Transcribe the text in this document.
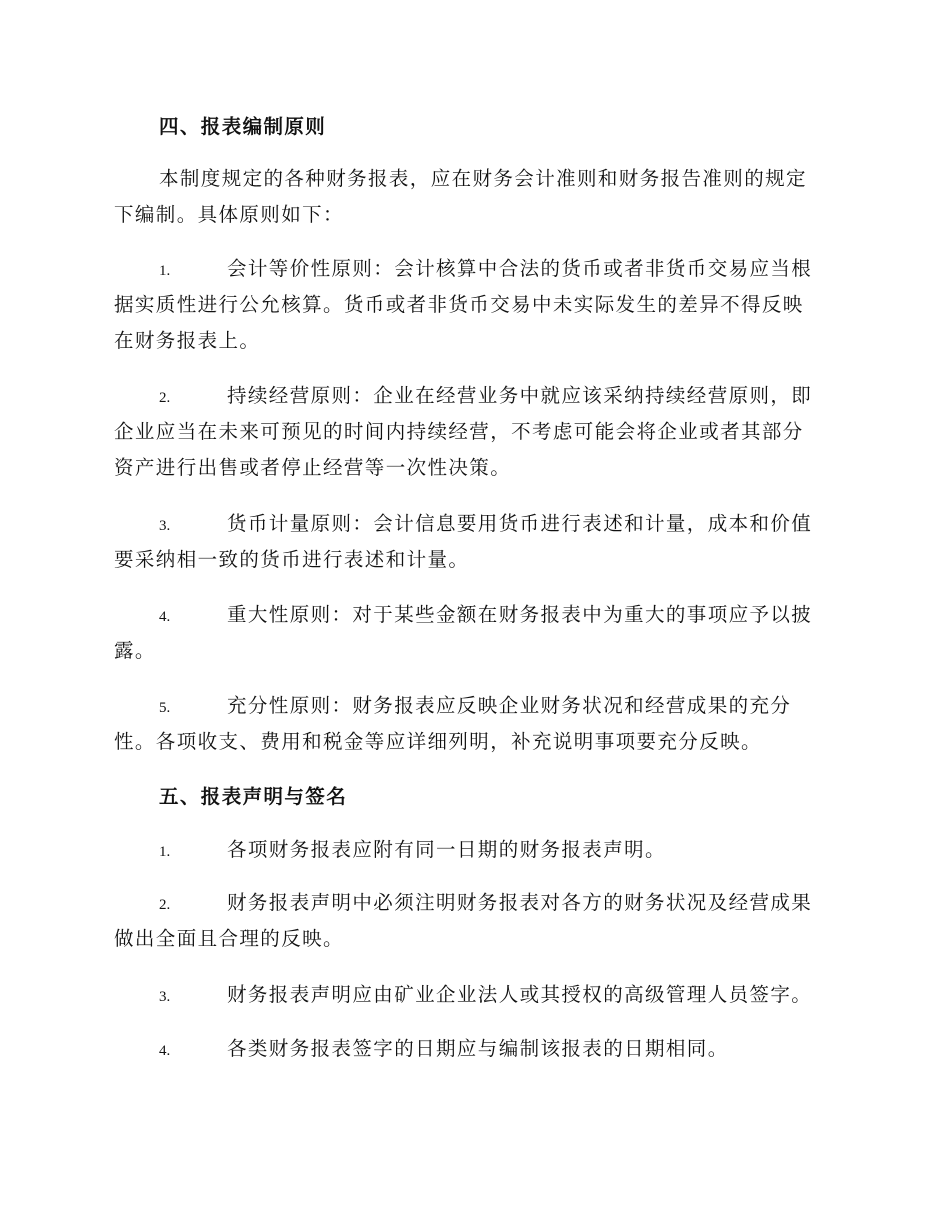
四、报表编制原则
本制度规定的各种财务报表，应在财务会计准则和财务报告准则的规定
下编制。具体原则如下：
1.	会计等价性原则：会计核算中合法的货币或者非货币交易应当根
据实质性进行公允核算。货币或者非货币交易中未实际发生的差异不得反映
在财务报表上。
2.	持续经营原则：企业在经营业务中就应该采纳持续经营原则，即
企业应当在未来可预见的时间内持续经营，不考虑可能会将企业或者其部分
资产进行出售或者停止经营等一次性决策。
3.	货币计量原则：会计信息要用货币进行表述和计量，成本和价值
要采纳相一致的货币进行表述和计量。
4.	重大性原则：对于某些金额在财务报表中为重大的事项应予以披
露。
5.	充分性原则：财务报表应反映企业财务状况和经营成果的充分
性。各项收支、费用和税金等应详细列明，补充说明事项要充分反映。
五、报表声明与签名
1.	各项财务报表应附有同一日期的财务报表声明。
2.	财务报表声明中必须注明财务报表对各方的财务状况及经营成果
做出全面且合理的反映。
3.	财务报表声明应由矿业企业法人或其授权的高级管理人员签字。
4.	各类财务报表签字的日期应与编制该报表的日期相同。
